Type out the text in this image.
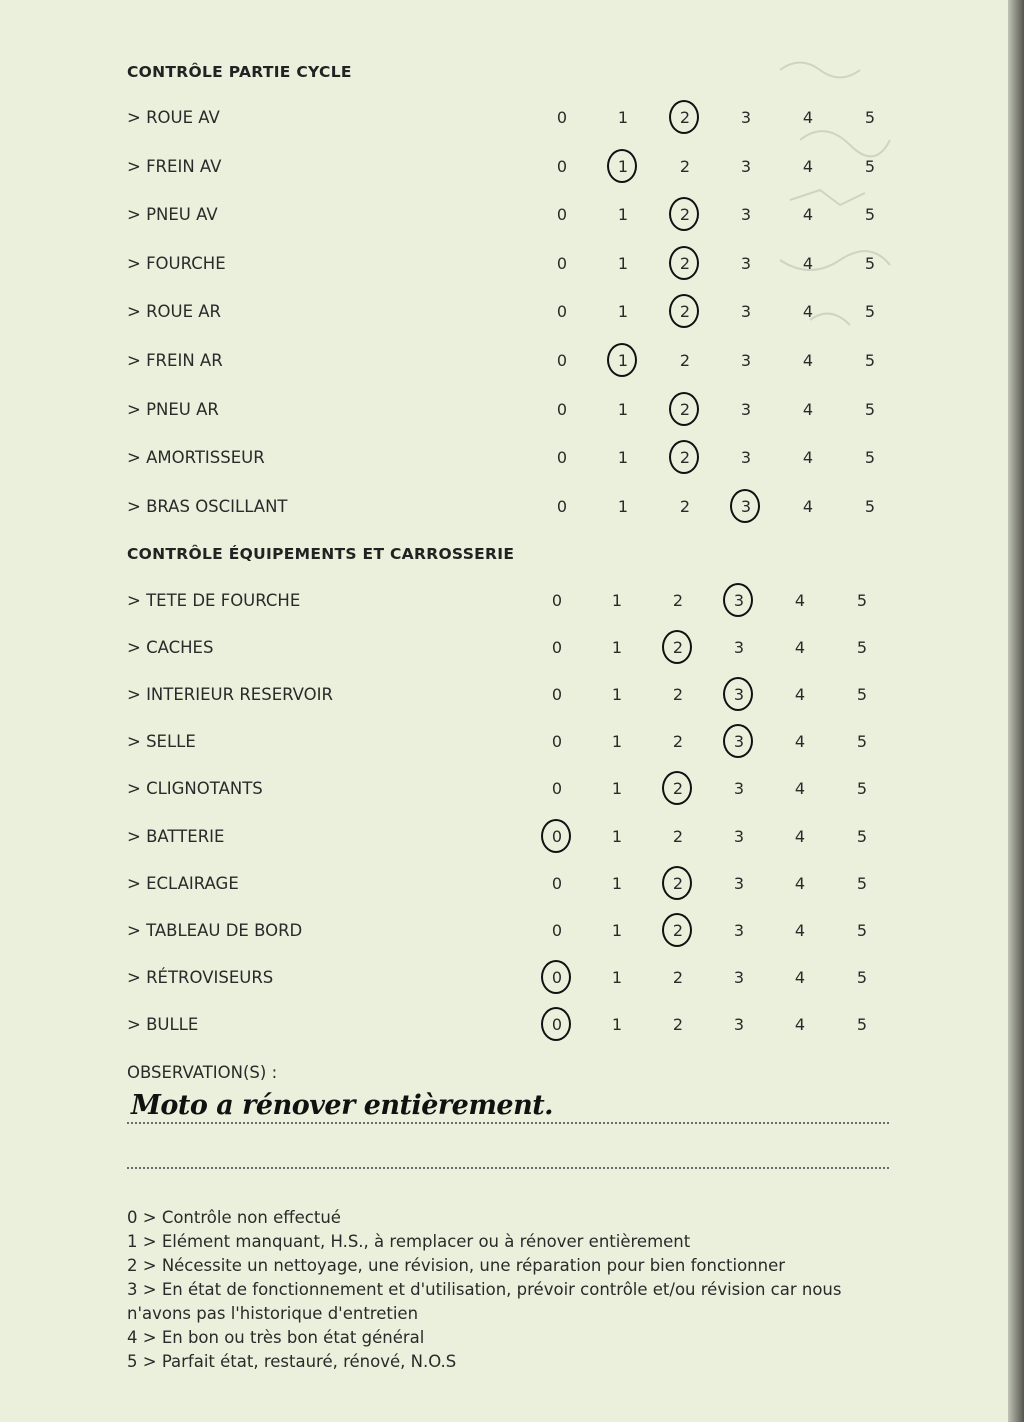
CONTRÔLE PARTIE CYCLE
> ROUE AV	0	1	2	3	4	5
> FREIN AV	0	1	2	3	4	5
> PNEU AV	0	1	2	3	4	5
> FOURCHE	0	1	2	3	4	5
> ROUE AR	0	1	2	3	4	5
> FREIN AR	0	1	2	3	4	5
> PNEU AR	0	1	2	3	4	5
> AMORTISSEUR	0	1	2	3	4	5
> BRAS OSCILLANT	0	1	2	3	4	5
CONTRÔLE ÉQUIPEMENTS ET CARROSSERIE
> TETE DE FOURCHE	0	1	2	3	4	5
> CACHES	0	1	2	3	4	5
> INTERIEUR RESERVOIR	0	1	2	3	4	5
> SELLE	0	1	2	3	4	5
> CLIGNOTANTS	0	1	2	3	4	5
> BATTERIE	0	1	2	3	4	5
> ECLAIRAGE	0	1	2	3	4	5
> TABLEAU DE BORD	0	1	2	3	4	5
> RÉTROVISEURS	0	1	2	3	4	5
> BULLE	0	1	2	3	4	5
OBSERVATION(S) :
Moto a rénover entièrement.
0 > Contrôle non effectué
1 > Elément manquant, H.S., à remplacer ou à rénover entièrement
2 > Nécessite un nettoyage, une révision, une réparation pour bien fonctionner
3 > En état de fonctionnement et d'utilisation, prévoir contrôle et/ou révision car nous n'avons pas l'historique d'entretien
4 > En bon ou très bon état général
5 > Parfait état, restauré, rénové, N.O.S
